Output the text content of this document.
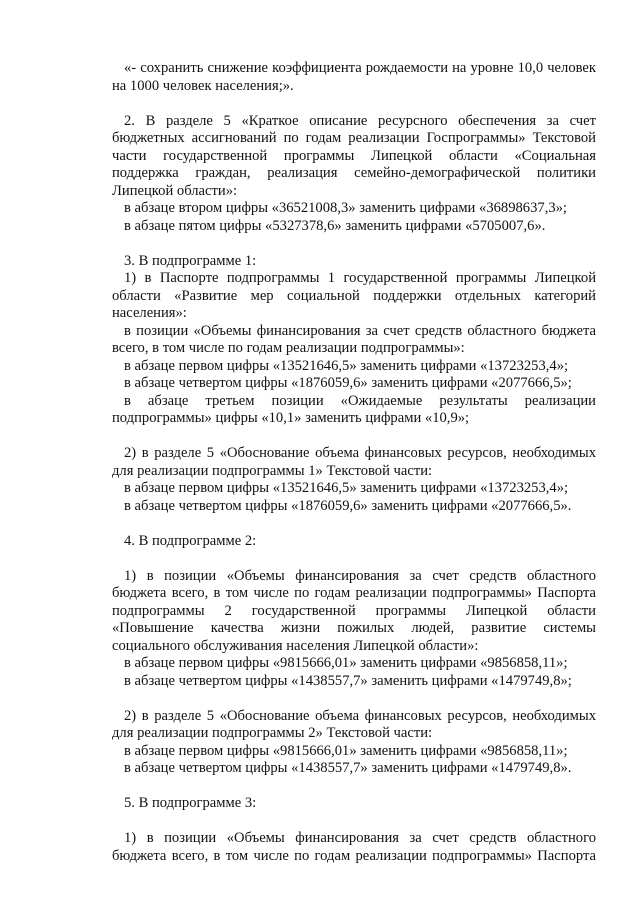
«- сохранить снижение коэффициента рождаемости на уровне 10,0 человек на 1000 человек населения;».

2. В разделе 5 «Краткое описание ресурсного обеспечения за счет бюджетных ассигнований по годам реализации Госпрограммы» Текстовой части государственной программы Липецкой области «Социальная поддержка граждан, реализация семейно-демографической политики Липецкой области»:

в абзаце втором цифры «36521008,3» заменить цифрами «36898637,3»;

в абзаце пятом цифры «5327378,6» заменить цифрами «5705007,6».

3. В подпрограмме 1:

1) в Паспорте подпрограммы 1 государственной программы Липецкой области «Развитие мер социальной поддержки отдельных категорий населения»:

в позиции «Объемы финансирования за счет средств областного бюджета всего, в том числе по годам реализации подпрограммы»:

в абзаце первом цифры «13521646,5» заменить цифрами «13723253,4»;

в абзаце четвертом цифры «1876059,6» заменить цифрами «2077666,5»;

в абзаце третьем позиции «Ожидаемые результаты реализации подпрограммы» цифры «10,1» заменить цифрами «10,9»;

2) в разделе 5 «Обоснование объема финансовых ресурсов, необходимых для реализации подпрограммы 1» Текстовой части:

в абзаце первом цифры «13521646,5» заменить цифрами «13723253,4»;

в абзаце четвертом цифры «1876059,6» заменить цифрами «2077666,5».

4. В подпрограмме 2:

1) в позиции «Объемы финансирования за счет средств областного бюджета всего, в том числе по годам реализации подпрограммы» Паспорта подпрограммы 2 государственной программы Липецкой области «Повышение качества жизни пожилых людей, развитие системы социального обслуживания населения Липецкой области»:

в абзаце первом цифры «9815666,01» заменить цифрами «9856858,11»;

в абзаце четвертом цифры «1438557,7» заменить цифрами «1479749,8»;

2) в разделе 5 «Обоснование объема финансовых ресурсов, необходимых для реализации подпрограммы 2» Текстовой части:

в абзаце первом цифры «9815666,01» заменить цифрами «9856858,11»;

в абзаце четвертом цифры «1438557,7» заменить цифрами «1479749,8».

5. В подпрограмме 3:

1) в позиции «Объемы финансирования за счет средств областного бюджета всего, в том числе по годам реализации подпрограммы» Паспорта
